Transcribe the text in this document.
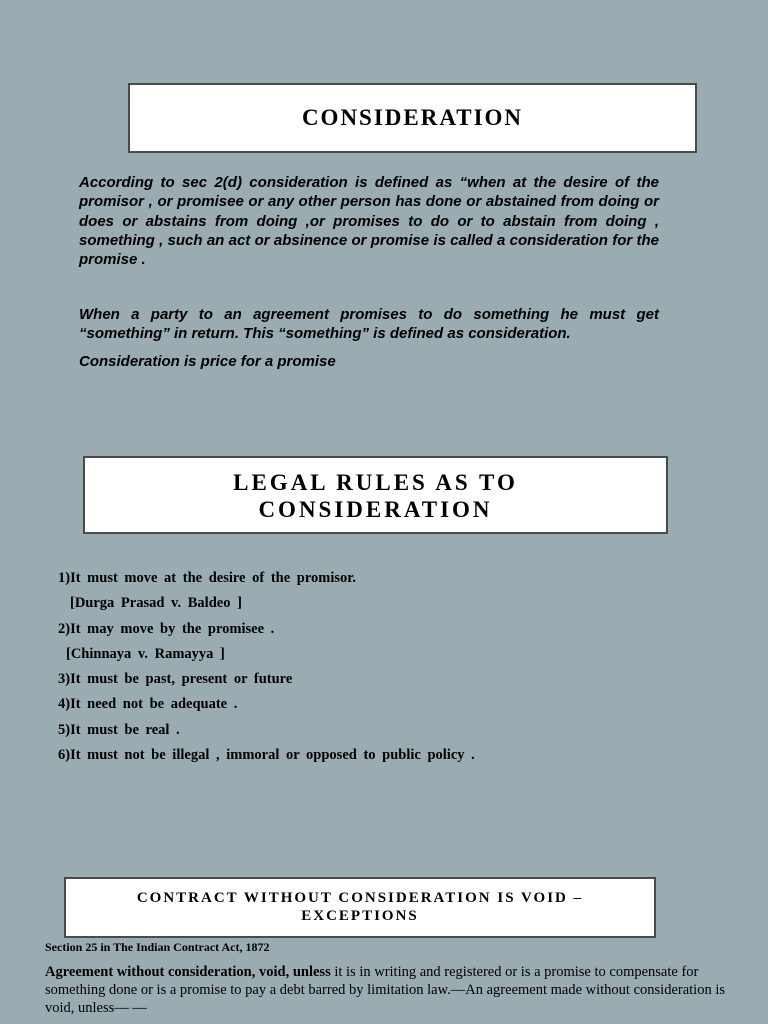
CONSIDERATION

According to sec 2(d) consideration is defined as “when at the desire of the promisor , or promisee or any other person has done or abstained from doing or does or abstains from doing ,or promises to do or to abstain from doing , something , such an act or absinence or promise is called a consideration for the promise .

When a party to an agreement promises to do something he must get “something” in return. This “something” is defined as consideration.

Consideration is price for a promise

LEGAL RULES AS TO
CONSIDERATION
1)It must move at the desire of the promisor.
[Durga Prasad v. Baldeo ]
2)It may move by the promisee .
[Chinnaya v. Ramayya ]
3)It must be past, present or future
4)It need not be adequate .
5)It must be real .
6)It must not be illegal , immoral or opposed to public policy .
CONTRACT WITHOUT CONSIDERATION IS VOID –
EXCEPTIONS
Section 25 in The Indian Contract Act, 1872

Agreement without consideration, void, unless it is in writing and registered or is a promise to compensate for something done or is a promise to pay a debt barred by limitation law.—An agreement made without consideration is void, unless— —
